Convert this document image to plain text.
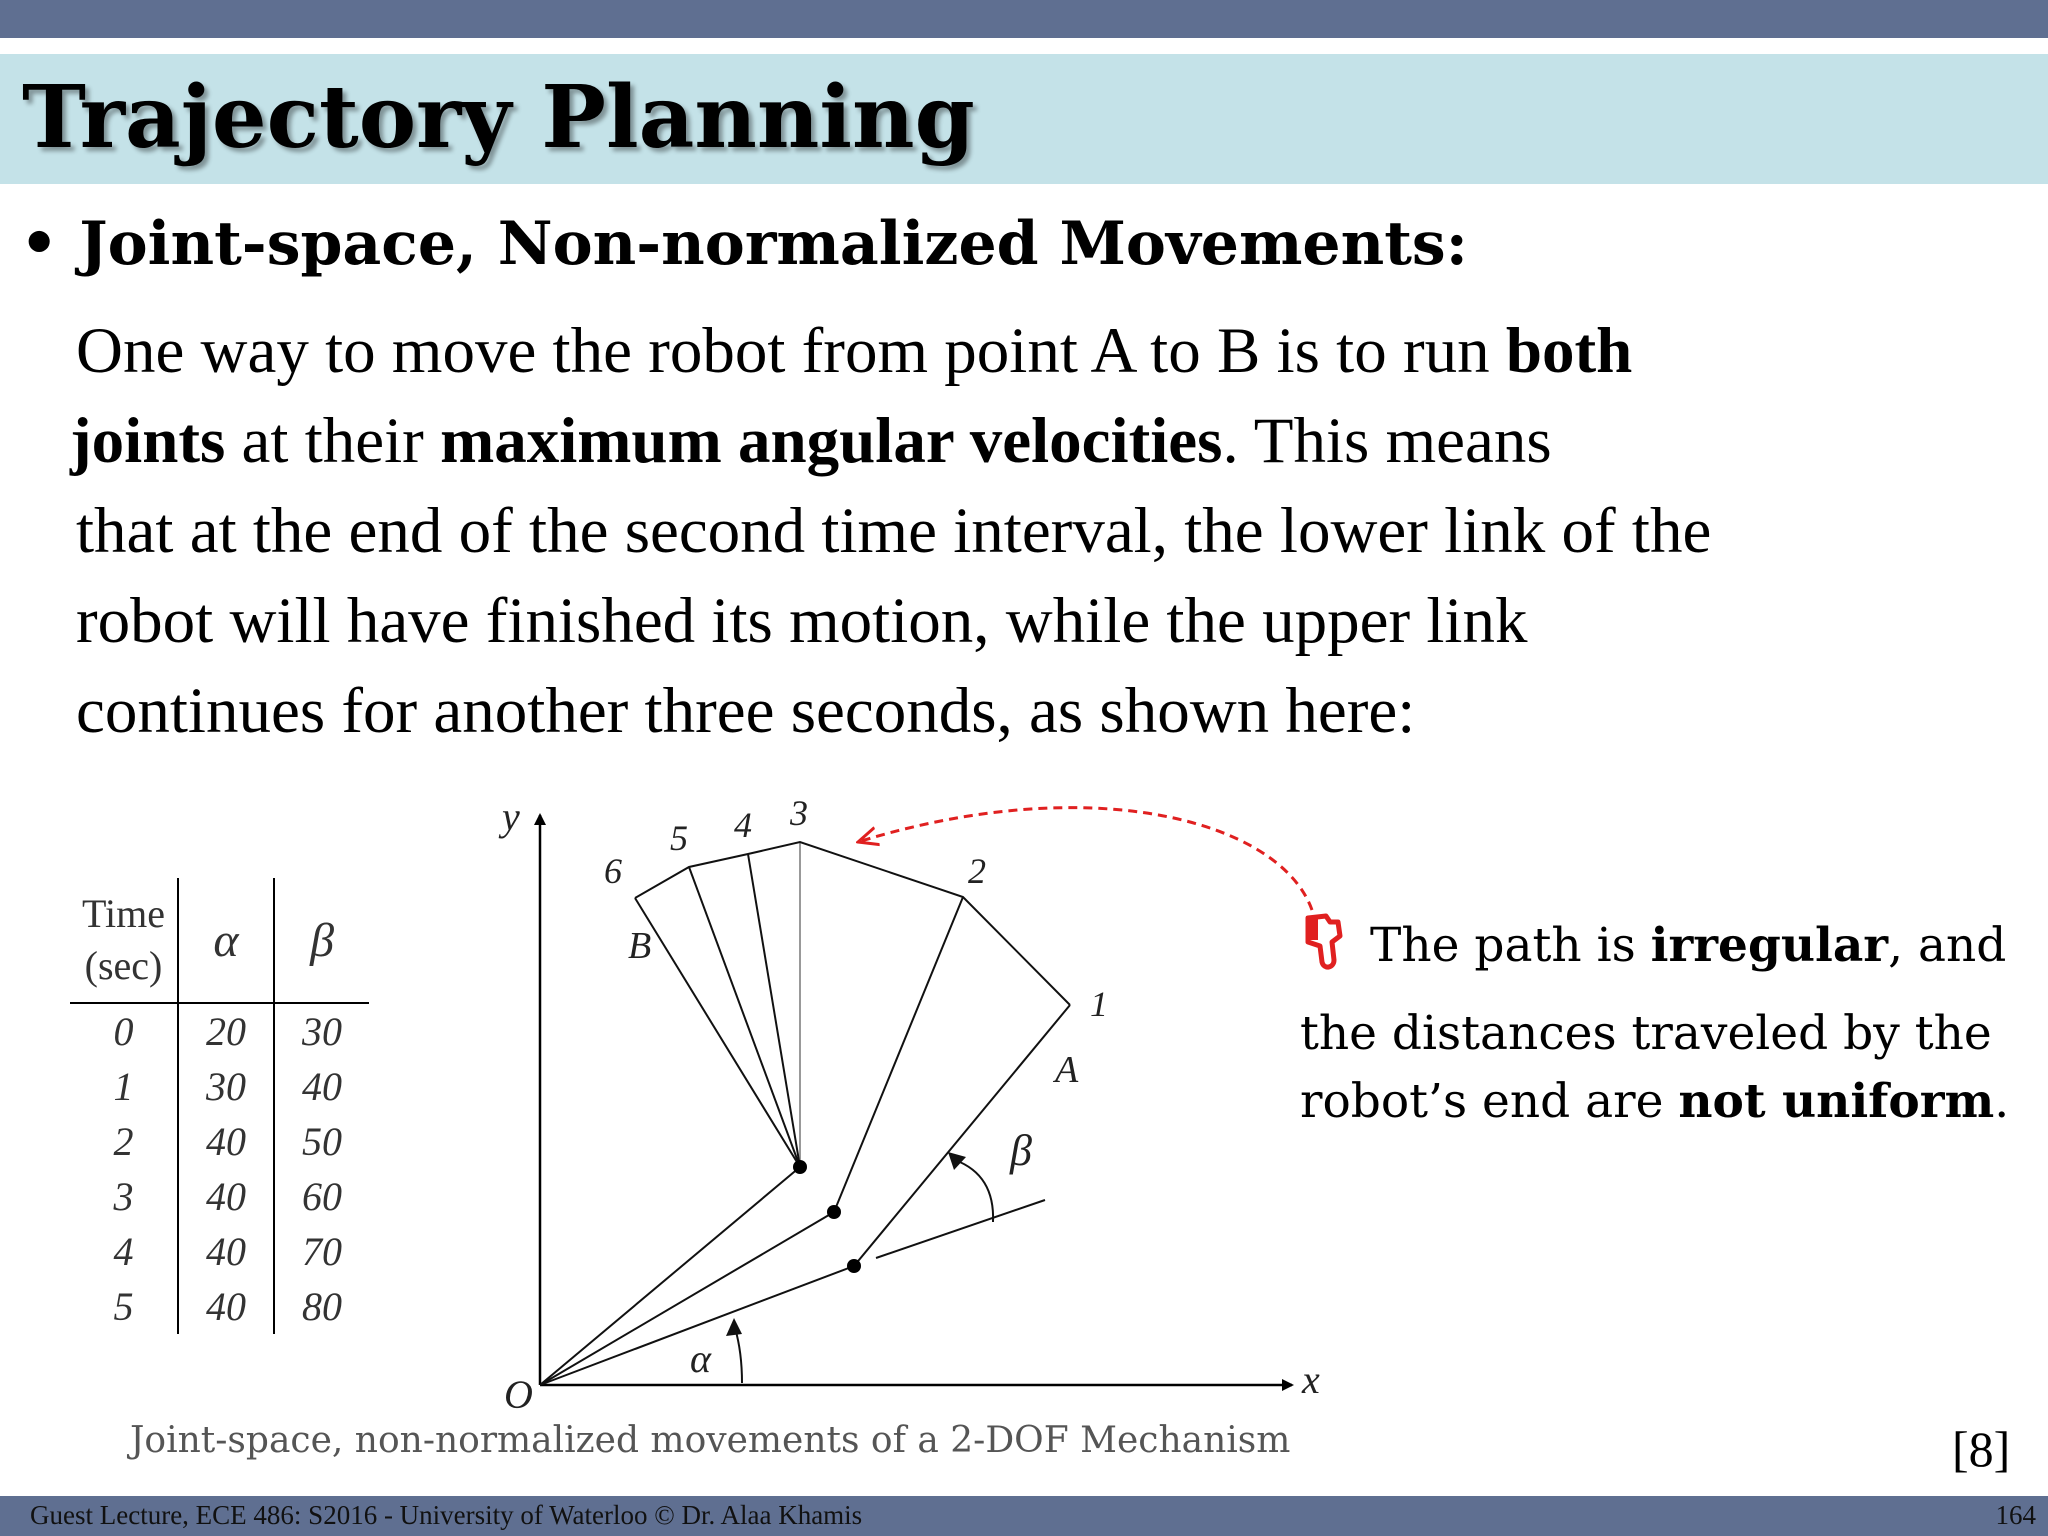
Trajectory Planning
• Joint-space, Non-normalized Movements:
One way to move the robot from point A to B is to run both
joints at their maximum angular velocities. This means
that at the end of the second time interval, the lower link of the
robot will have finished its motion, while the upper link
continues for another three seconds, as shown here:
Time
(sec)	α	β
0	20	30
1	30	40
2	40	50
3	40	60
4	40	70
5	40	80
y
x
O
α
β
A
B
1
2
3
4
5
6
The path is irregular, and
the distances traveled by the
robot’s end are not uniform.
Joint-space, non-normalized movements of a 2-DOF Mechanism	[8]
Guest Lecture, ECE 486: S2016 - University of Waterloo © Dr. Alaa Khamis	164
